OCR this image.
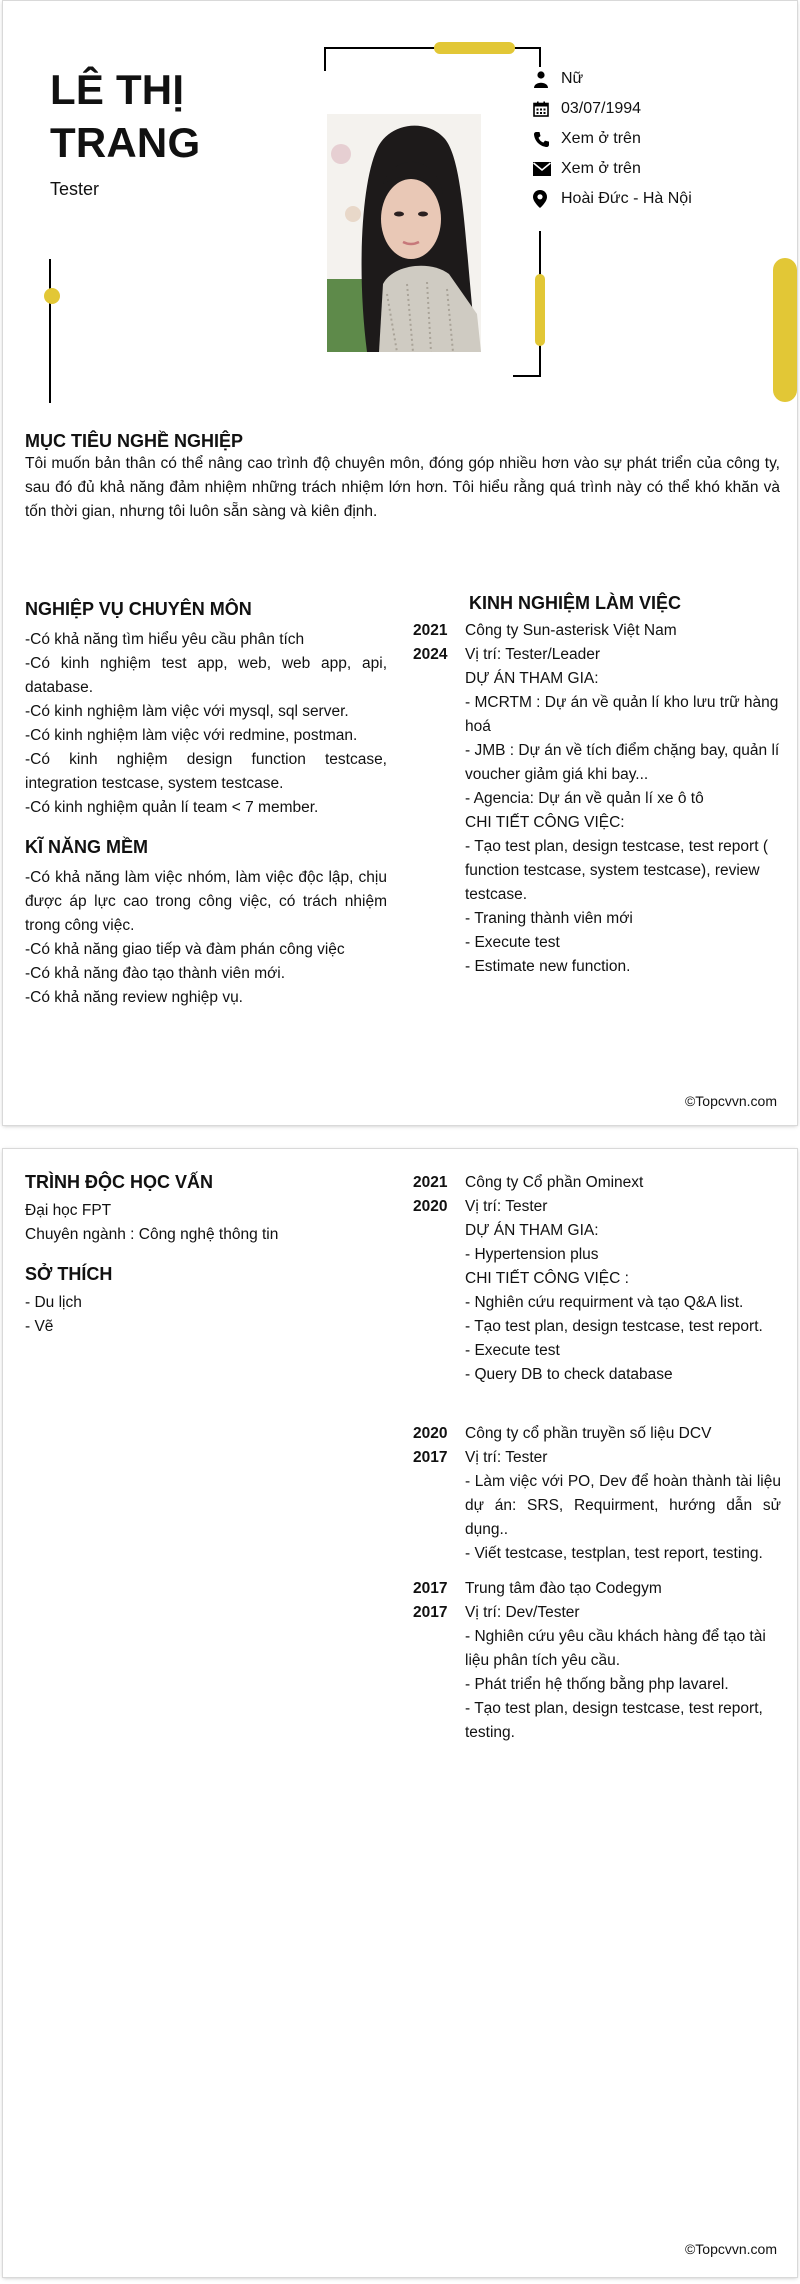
LÊ THỊ
TRANG
Tester
Nữ
03/07/1994
Xem ở trên
Xem ở trên
Hoài Đức - Hà Nội
MỤC TIÊU NGHỀ NGHIỆP
Tôi muốn bản thân có thể nâng cao trình độ chuyên môn, đóng góp nhiều hơn vào sự phát triển của công ty, sau đó đủ khả năng đảm nhiệm những trách nhiệm lớn hơn. Tôi hiểu rằng quá trình này có thể khó khăn và tốn thời gian, nhưng tôi luôn sẵn sàng và kiên định.
NGHIỆP VỤ CHUYÊN MÔN
-Có khả năng tìm hiểu yêu cầu phân tích
-Có kinh nghiệm test app, web, web app, api, database.
-Có kinh nghiệm làm việc với mysql, sql server.
-Có kinh nghiệm làm việc với redmine, postman.
-Có kinh nghiệm design function testcase, integration testcase, system testcase.
-Có kinh nghiệm quản lí team < 7 member.
KĨ NĂNG MỀM
-Có khả năng làm việc nhóm, làm việc độc lập, chịu được áp lực cao trong công việc, có trách nhiệm trong công việc.
-Có khả năng giao tiếp và đàm phán công việc
-Có khả năng đào tạo thành viên mới.
-Có khả năng review nghiệp vụ.
KINH NGHIỆM LÀM VIỆC
2021	Công ty Sun-asterisk Việt Nam
2024	Vị trí: Tester/Leader
DỰ ÁN THAM GIA:
- MCRTM : Dự án về quản lí kho lưu trữ hàng hoá
- JMB : Dự án về tích điểm chặng bay, quản lí voucher giảm giá khi bay...
- Agencia: Dự án về quản lí xe ô tô
CHI TIẾT CÔNG VIỆC:
- Tạo test plan, design testcase, test report ( function testcase, system testcase), review testcase.
- Traning thành viên mới
- Execute test
- Estimate new function.
©Topcvvn.com
TRÌNH ĐỘC HỌC VẤN
Đại học FPT
Chuyên ngành : Công nghệ thông tin
SỞ THÍCH
- Du lịch
- Vẽ
2021	Công ty Cổ phần Ominext
2020	Vị trí: Tester
DỰ ÁN THAM GIA:
- Hypertension plus
CHI TIẾT CÔNG VIỆC :
- Nghiên cứu requirment và tạo Q&A list.
- Tạo test plan, design testcase, test report.
- Execute test
- Query DB to check database
2020	Công ty cổ phần truyền số liệu DCV
2017	Vị trí: Tester
- Làm việc với PO, Dev để hoàn thành tài liệu dự án: SRS, Requirment, hướng dẫn sử dụng..
- Viết testcase, testplan, test report, testing.
2017	Trung tâm đào tạo Codegym
2017	Vị trí: Dev/Tester
- Nghiên cứu yêu cầu khách hàng để tạo tài liệu phân tích yêu cầu.
- Phát triển hệ thống bằng php lavarel.
- Tạo test plan, design testcase, test report, testing.
©Topcvvn.com
